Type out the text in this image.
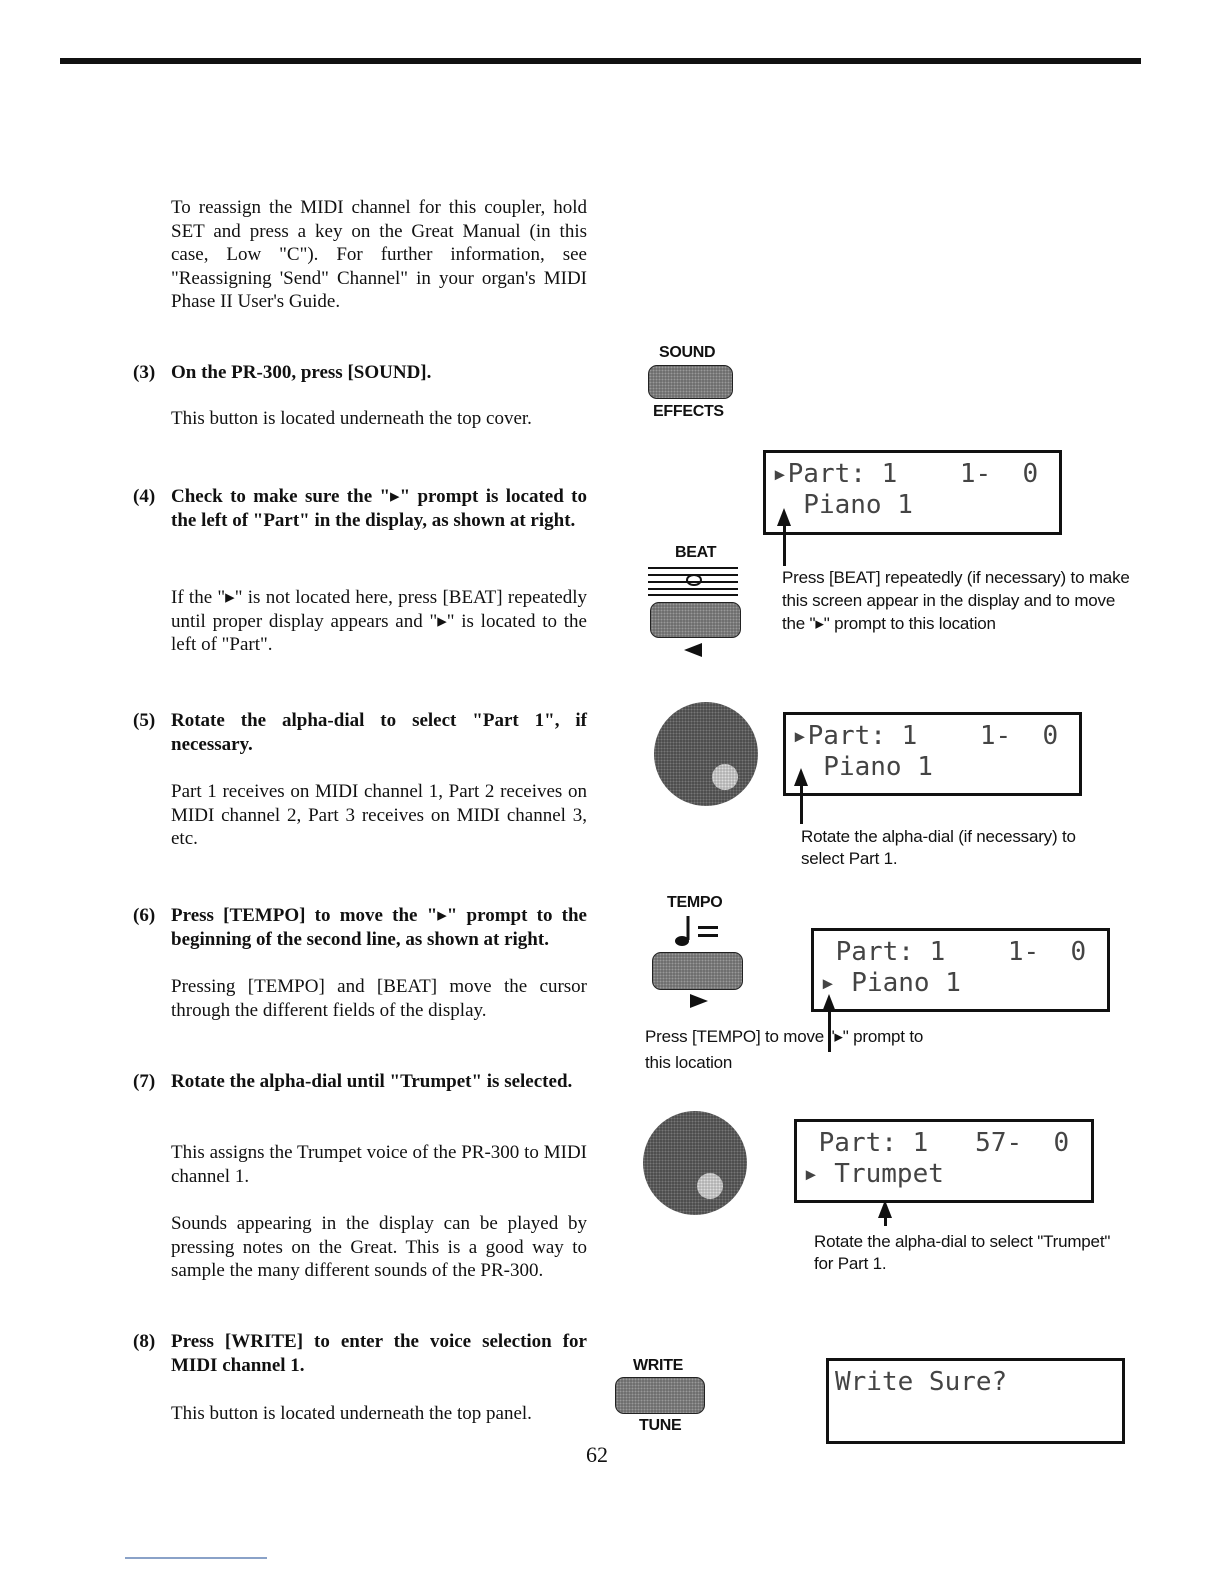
To reassign the MIDI channel for this coupler, hold SET and press a key on the Great Manual (in this case, Low "C"). For further information, see "Reassigning 'Send" Channel" in your organ's MIDI Phase II User's Guide.
(3) On the PR-300, press [SOUND].
This button is located underneath the top cover.
(4) Check to make sure the "▸" prompt is located to the left of "Part" in the display, as shown at right.
If the "▸" is not located here, press [BEAT] repeatedly until proper display appears and "▸" is located to the left of "Part".
(5) Rotate the alpha-dial to select "Part 1", if necessary.
Part 1 receives on MIDI channel 1, Part 2 receives on MIDI channel 2, Part 3 receives on MIDI channel 3, etc.
(6) Press [TEMPO] to move the "▸" prompt to the beginning of the second line, as shown at right.
Pressing [TEMPO] and [BEAT] move the cursor through the different fields of the display.
(7) Rotate the alpha-dial until "Trumpet" is selected.
This assigns the Trumpet voice of the PR-300 to MIDI channel 1.
Sounds appearing in the display can be played by pressing notes on the Great. This is a good way to sample the many different sounds of the PR-300.
(8) Press [WRITE] to enter the voice selection for MIDI channel 1.
This button is located underneath the top panel.
SOUND
EFFECTS
▸Part: 1    1-  0
Piano 1
Press [BEAT] repeatedly (if necessary) to make this screen appear in the display and to move the "▸" prompt to this location
BEAT
▸Part: 1    1-  0
Piano 1
Rotate the alpha-dial (if necessary) to select Part 1.
TEMPO
Part: 1    1-  0
▸ Piano 1
Press [TEMPO] to move "▸" prompt to this location
Part: 1   57-  0
▸ Trumpet
Rotate the alpha-dial to select "Trumpet" for Part 1.
WRITE
TUNE
Write Sure?
62
